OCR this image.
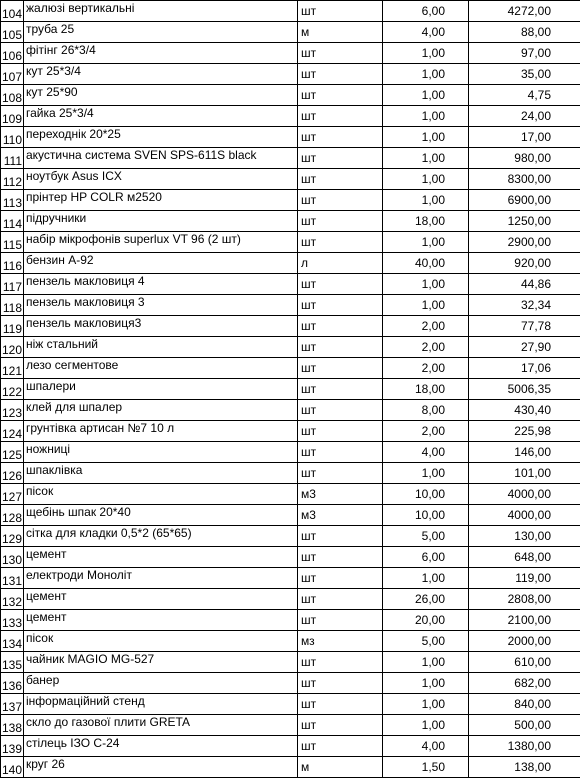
104	жалюзі вертикальні	шт	6,00	4272,00
105	труба 25	м	4,00	88,00
106	фітінг 26*3/4	шт	1,00	97,00
107	кут 25*3/4	шт	1,00	35,00
108	кут 25*90	шт	1,00	4,75
109	гайка 25*3/4	шт	1,00	24,00
110	переходнік 20*25	шт	1,00	17,00
111	акустична система SVEN SPS-611S black	шт	1,00	980,00
112	ноутбук Asus ICX	шт	1,00	8300,00
113	прінтер HP COLR м2520	шт	1,00	6900,00
114	підручники	шт	18,00	1250,00
115	набір мікрофонів superlux VT 96 (2 шт)	шт	1,00	2900,00
116	бензин А-92	л	40,00	920,00
117	пензель макловиця 4	шт	1,00	44,86
118	пензель макловиця 3	шт	1,00	32,34
119	пензель макловиця3	шт	2,00	77,78
120	ніж стальний	шт	2,00	27,90
121	лезо сегментове	шт	2,00	17,06
122	шпалери	шт	18,00	5006,35
123	клей для шпалер	шт	8,00	430,40
124	грунтівка артисан №7 10 л	шт	2,00	225,98
125	ножниці	шт	4,00	146,00
126	шпаклівка	шт	1,00	101,00
127	пісок	м3	10,00	4000,00
128	щебінь шпак 20*40	м3	10,00	4000,00
129	сітка для кладки 0,5*2 (65*65)	шт	5,00	130,00
130	цемент	шт	6,00	648,00
131	електроди Моноліт	шт	1,00	119,00
132	цемент	шт	26,00	2808,00
133	цемент	шт	20,00	2100,00
134	пісок	мз	5,00	2000,00
135	чайник MAGIO MG-527	шт	1,00	610,00
136	банер	шт	1,00	682,00
137	інформаційний стенд	шт	1,00	840,00
138	скло до газової плити GRETA	шт	1,00	500,00
139	стілець ІЗО С-24	шт	4,00	1380,00
140	круг 26	м	1,50	138,00
